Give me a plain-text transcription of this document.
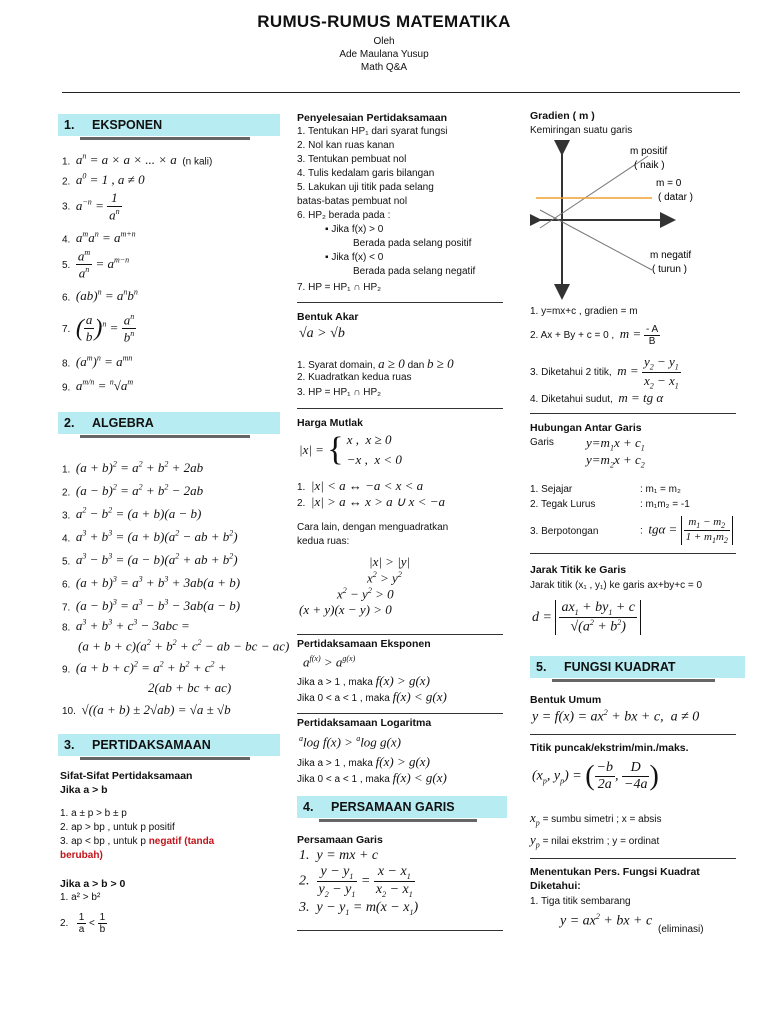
RUMUS-RUMUS MATEMATIKA
Oleh
Ade Maulana Yusup
Math Q&A
1. EKSPONEN
1. $a^n = a \times a$ × ... × a (n kali)
2. $a^0 = 1$ , a ≠ 0
3. $a^{-n} = \frac{1}{a^n}$
4. $a^ma^n = a^{m+n}$
5. $\frac{a^m}{a^n} = a^{m-n}$
6. $(ab)^n = a^nb^n$
7. ( $\frac{a}{b} )^n = \frac{a^n}{b^n}$
8. $(a^m)^n = a^{mn}$
9. $a^{m/n} = ^n√a^m$
2. ALGEBRA
1. $(a + b)^2 = a^2 + b^2 + 2ab$
2. $(a - b)^2 = a^2 + b^2 - 2ab$
3. $a^2 - b^2 = (a + b)(a - b)$
4. $a^3 + b^3 = (a + b)(a^2$ − ab + $b^2$)
5. $a^3 - b^3 = (a - b)(a^2$ + ab + $b^2$)
6. $(a + b)^3 = a^3 + b^3 + 3ab(a + b)$
7. $(a - b)^3 = a^3 - b^3 - 3ab(a - b)$
8. $a^3 + b^3 + c^3 - 3abc$ =
$(a + b + c)(a^2 + b^2 + c^2$ − ab − bc − ac)
9. $(a + b + c)^2 = a^2 + b^2 + c^2$ +
2(ab + bc + ac)
10. √((a + b) ± 2√ab) = √a ± √b
3. PERTIDAKSAMAAN
Sifat-Sifat Pertidaksamaan
Jika a > b
1. a ± p > b ± p
2. ap > bp , untuk p positif
3. ap < bp , untuk p negatif (tanda
berubah)
Jika a > b > 0
1. a² > b²
2. $\frac{1}{a} < \frac{1}{b}$
Penyelesaian Pertidaksamaan
1. Tentukan HP₁ dari syarat fungsi
2. Nol kan ruas kanan
3. Tentukan pembuat nol
4. Tulis kedalam garis bilangan
5. Lakukan uji titik pada selang
batas-batas pembuat nol
6. HP₂ berada pada :
▪ Jika f(x) > 0
Berada pada selang positif
▪ Jika f(x) < 0
Berada pada selang negatif
7. HP = HP₁ ∩ HP₂
Bentuk Akar
√a > √b
1. Syarat domain, a ≥ 0 dan b ≥ 0
2. Kuadratkan kedua ruas
3. HP = HP₁ ∩ HP₂
Harga Mutlak
|x| = { x ,  x ≥ 0
−x ,  x < 0
1.  |x| < a ↔ −a < x < a
2.  |x| > a ↔ x > a ∪ x < −a
Cara lain, dengan menguadratkan
kedua ruas:
|x| > |y|
$x^2 > y^2$
$x^2 - y^2 > 0$
(x + y)(x − y) > 0
Pertidaksamaan Eksponen
$a^{f(x)} > a^{g(x)}$
Jika a > 1 , maka f(x) > g(x)
Jika 0 < a < 1 , maka f(x) < g(x)
Pertidaksamaan Logaritma
$^a$log f(x) > $^a$log g(x)
Jika a > 1 , maka f(x) > g(x)
Jika 0 < a < 1 , maka f(x) < g(x)
4. PERSAMAAN GARIS
Persamaan Garis
1.  y = mx + c
2. $\frac{y - y_1}{y_2 - y_1} = \frac{x - x_1}{x_2 - x_1}$
3.  $y - y_1 = m(x - x_1)$
Gradien ( m )
Kemiringan suatu garis
m positif
( naik )
m = 0
( datar )
m negatif
( turun )
1. y=mx+c , gradien = m
2. Ax + By + c = 0 , $m = \frac{- A}{B}$
3. Diketahui 2 titik, $m = \frac{y_2 - y_1}{x_2 - x_1}$
4. Diketahui sudut, m = tg α
Hubungan Antar Garis
Garis $y=m_1x + c_1$
$y=m_2x + c_2$
1. Sejajar	: m₁ = m₂
2. Tegak Lurus	: m₁m₂ = -1
3. Berpotongan	: $tg\alpha = \frac{m_1 - m_2}{1 + m_1m_2}$
Jarak Titik ke Garis
Jarak titik (x₁ , y₁) ke garis ax+by+c = 0
$d = \frac{ax_1 + by_1 + c}{√(a^2 + b^2)}$
5. FUNGSI KUADRAT
Bentuk Umum
$y = f(x) = ax^2$ + bx + c,  a ≠ 0
Titik puncak/ekstrim/min./maks.
($x_p$, $y_p$) = ( $\frac{-b}{2a}$ , $\frac{D}{-4a}$ )
$x_p$ = sumbu simetri ; x = absis
$y_p$ = nilai ekstrim ; y = ordinat
Menentukan Pers. Fungsi Kuadrat
Diketahui:
1. Tiga titik sembarang
$y = ax^2$ + bx + c
(eliminasi)
